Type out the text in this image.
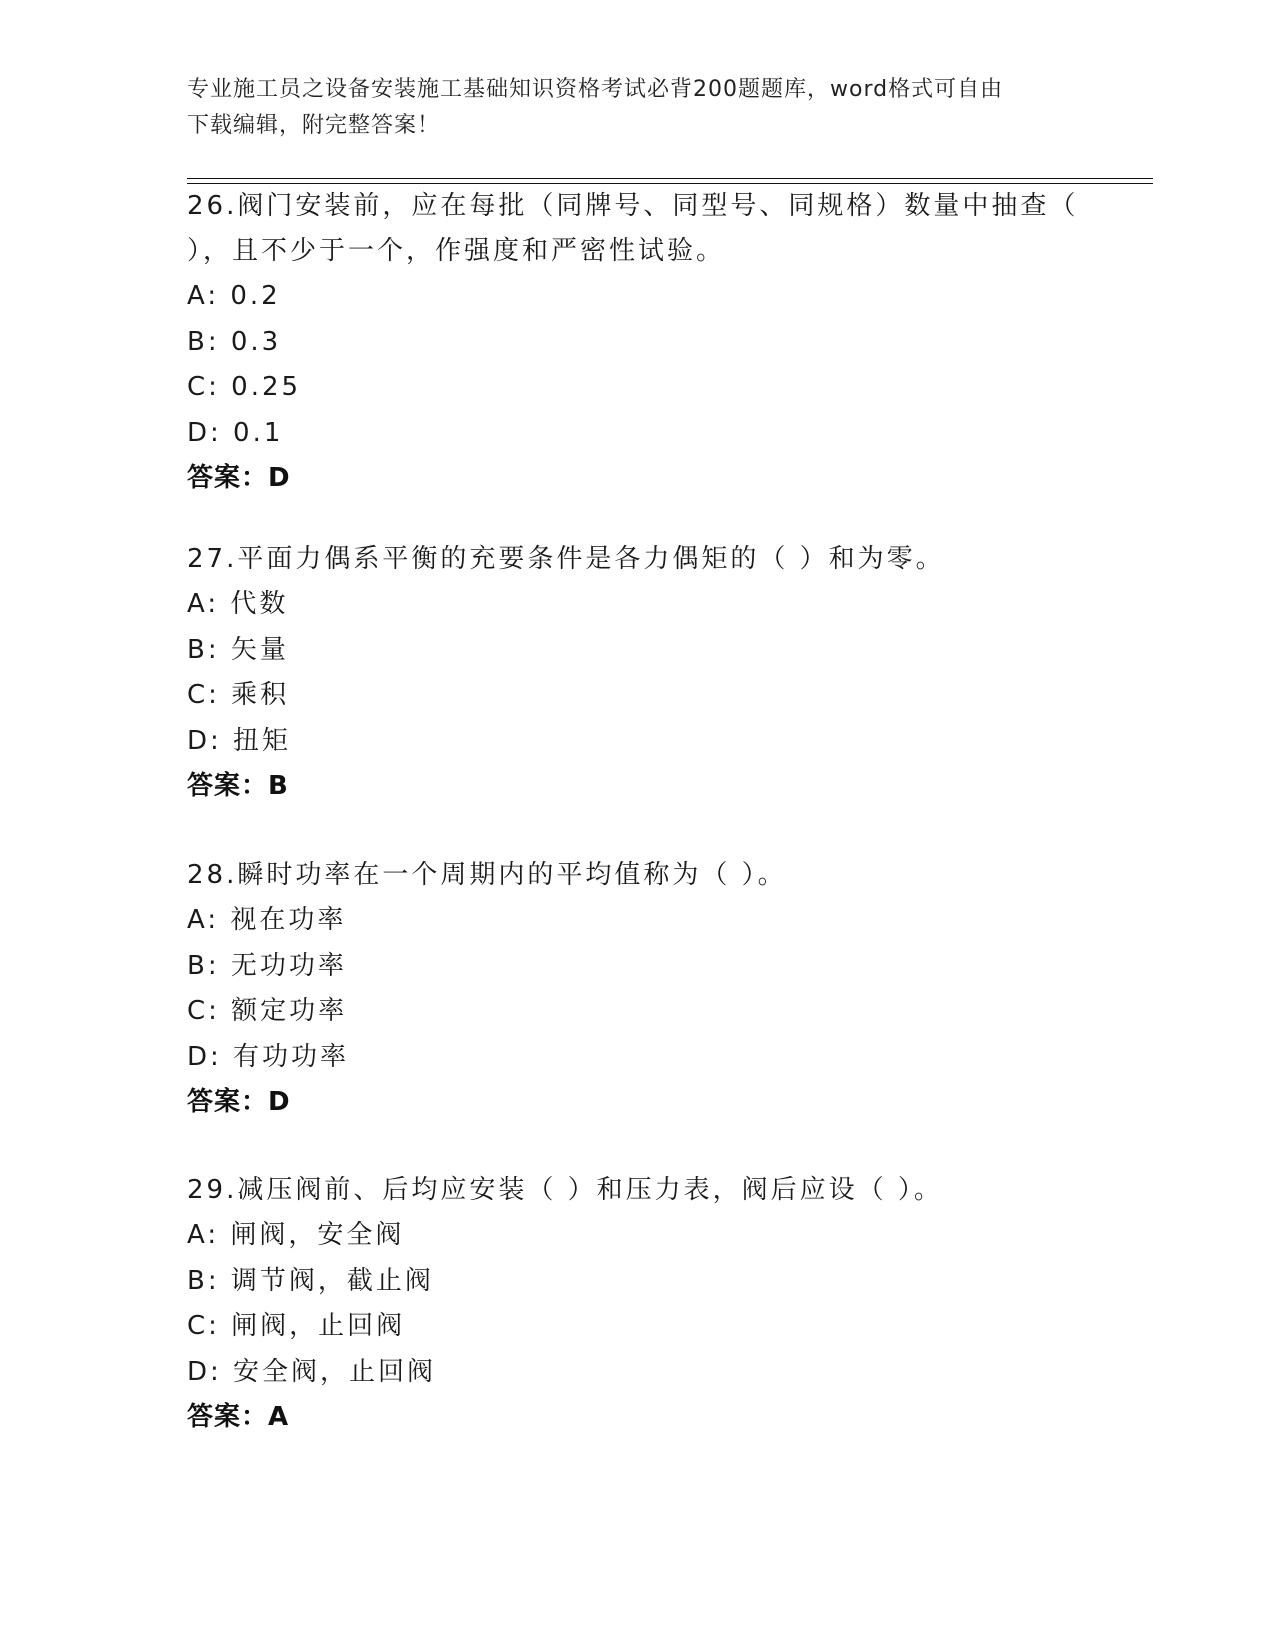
专业施工员之设备安装施工基础知识资格考试必背200题题库，word格式可自由
下载编辑，附完整答案！

26.阀门安装前，应在每批（同牌号、同型号、同规格）数量中抽查（

），且不少于一个，作强度和严密性试验。

A: 0.2

B: 0.3

C: 0.25

D: 0.1

答案：D

27.平面力偶系平衡的充要条件是各力偶矩的（ ）和为零。

A: 代数

B: 矢量

C: 乘积

D: 扭矩

答案：B

28.瞬时功率在一个周期内的平均值称为（ ）。

A: 视在功率

B: 无功功率

C: 额定功率

D: 有功功率

答案：D

29.减压阀前、后均应安装（ ）和压力表，阀后应设（ ）。

A: 闸阀，安全阀

B: 调节阀，截止阀

C: 闸阀，止回阀

D: 安全阀，止回阀

答案：A
